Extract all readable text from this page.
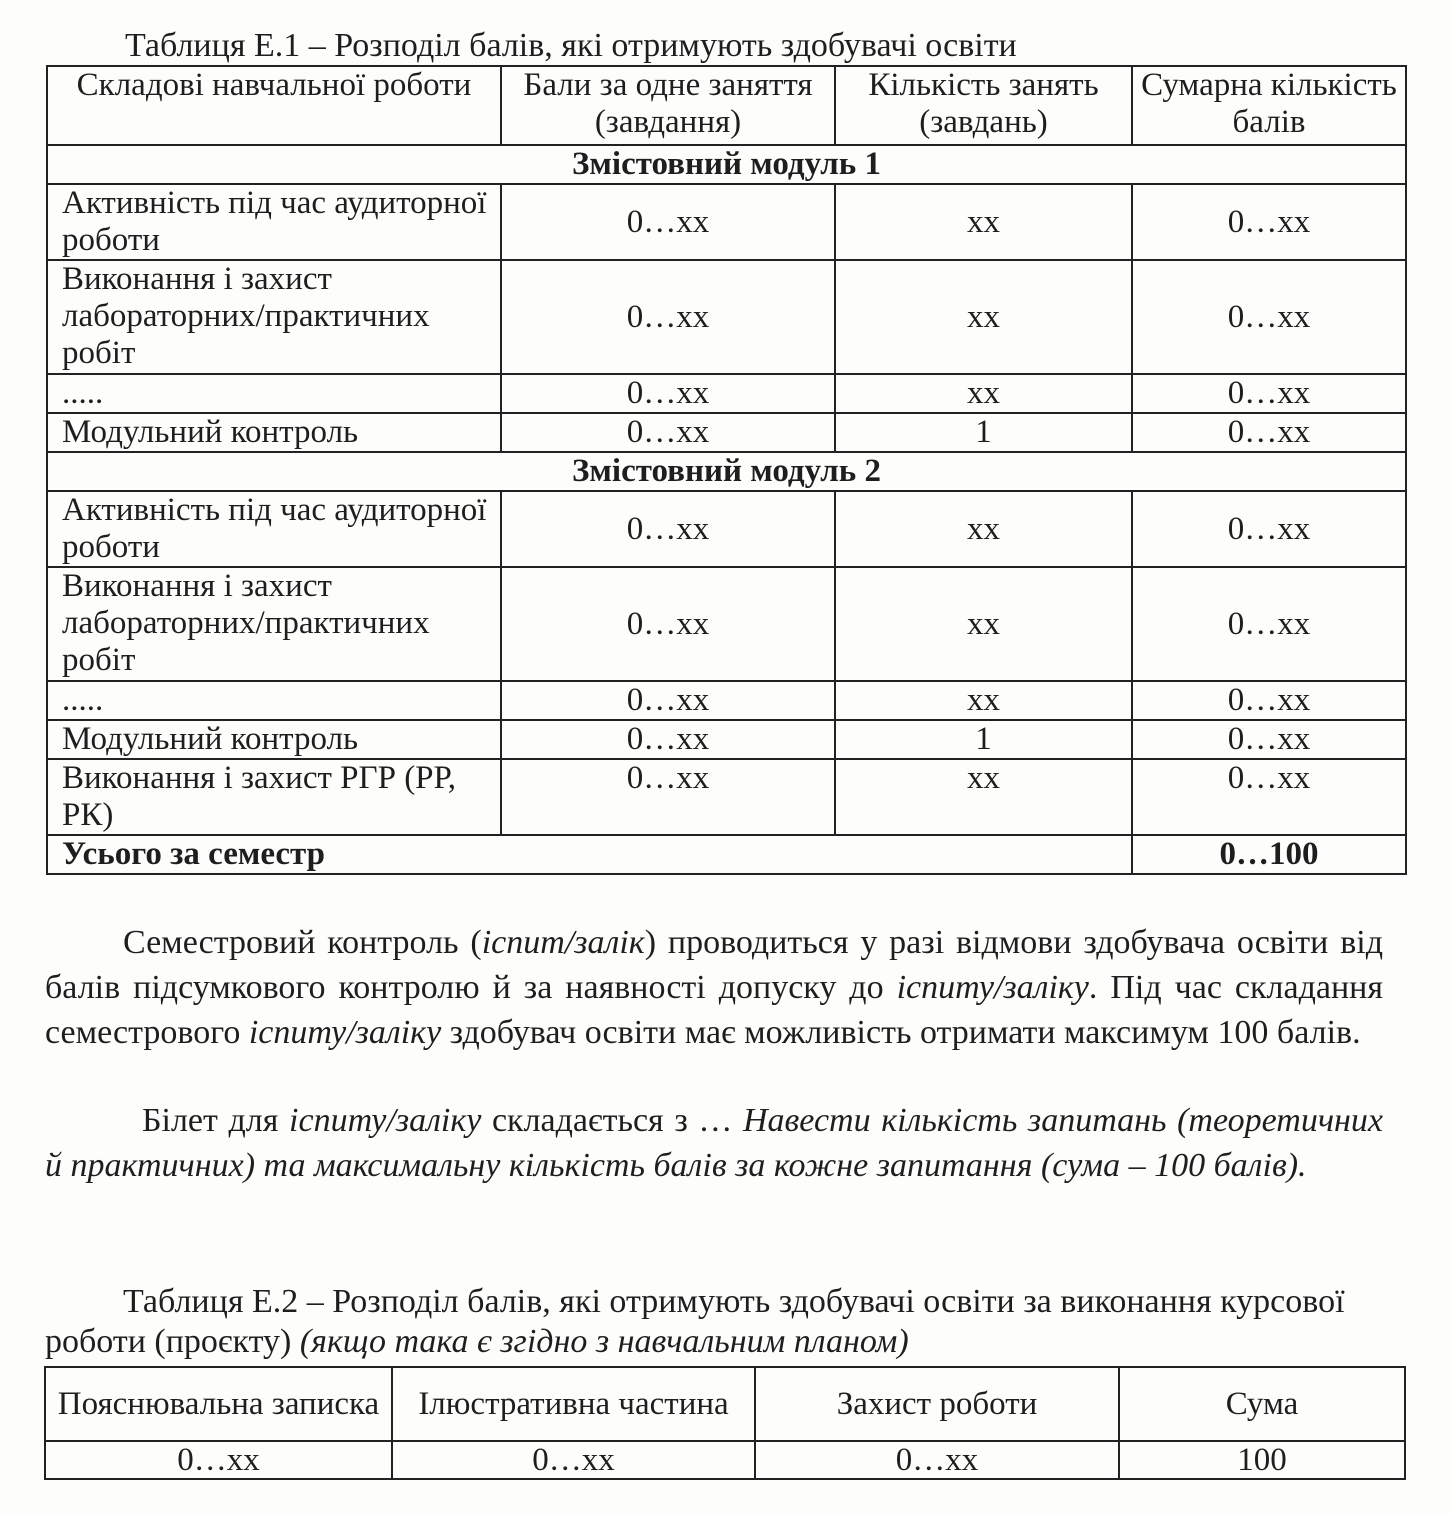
Таблиця Е.1 – Розподіл балів, які отримують здобувачі освіти

Складові навчальної роботи	Бали за одне заняття (завдання)	Кількість занять (завдань)	Сумарна кількість балів
Змістовний модуль 1			
Активність під час аудиторної роботи	0…хх	хх	0…хх
Виконання і захист лабораторних/практичних робіт	0…хх	хх	0…хх
.....	0…хх	хх	0…хх
Модульний контроль	0…хх	1	0…хх
Змістовний модуль 2			
Активність під час аудиторної роботи	0…хх	хх	0…хх
Виконання і захист лабораторних/практичних робіт	0…хх	хх	0…хх
.....	0…хх	хх	0…хх
Модульний контроль	0…хх	1	0…хх
Виконання і захист РГР (РР, РК)	0…хх	хх	0…хх
Усього за семестр			0…100

Семестровий контроль (іспит/залік) проводиться у разі відмови здобувача освіти від балів підсумкового контролю й за наявності допуску до іспиту/заліку. Під час складання семестрового іспиту/заліку здобувач освіти має можливість отримати максимум 100 балів.

Білет для іспиту/заліку складається з … Навести кількість запитань (теоретичних й практичних) та максимальну кількість балів за кожне запитання (сума – 100 балів).

Таблиця Е.2 – Розподіл балів, які отримують здобувачі освіти за виконання курсової роботи (проєкту) (якщо така є згідно з навчальним планом)

Пояснювальна записка	Ілюстративна частина	Захист роботи	Сума
0…хх	0…хх	0…хх	100
